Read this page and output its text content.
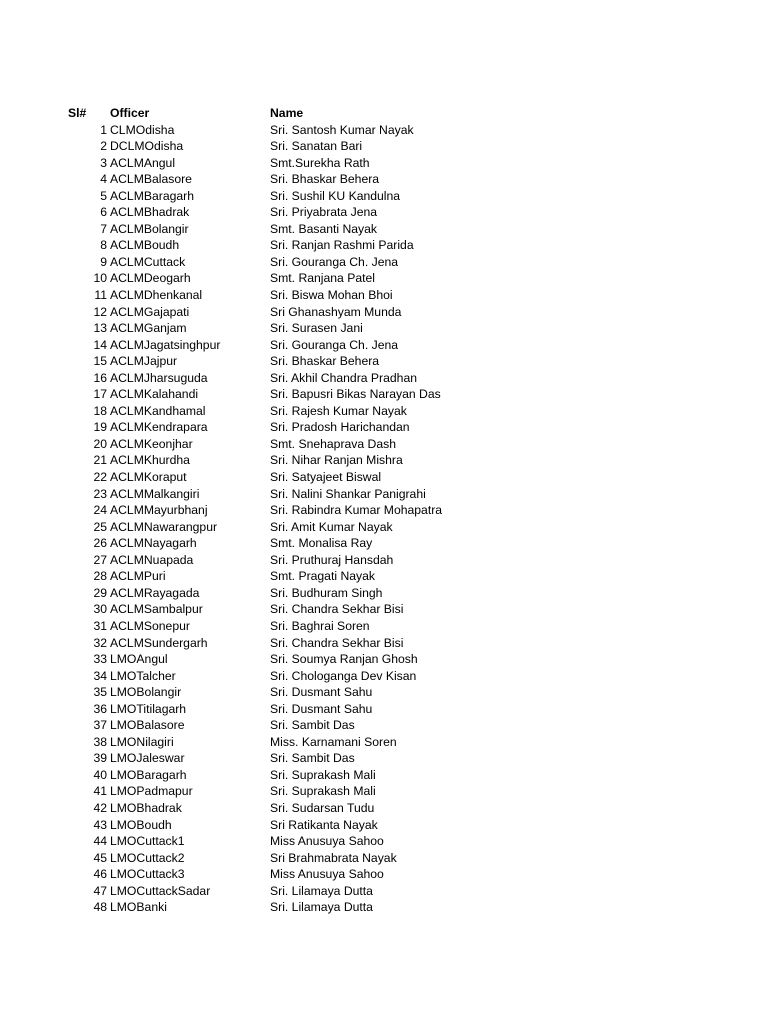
Sl# Officer	Name
1 CLMOdisha	Sri. Santosh Kumar Nayak
2 DCLMOdisha	Sri. Sanatan Bari
3 ACLMAngul	Smt.Surekha Rath
4 ACLMBalasore	Sri. Bhaskar Behera
5 ACLMBaragarh	Sri. Sushil KU Kandulna
6 ACLMBhadrak	Sri. Priyabrata Jena
7 ACLMBolangir	Smt. Basanti Nayak
8 ACLMBoudh	Sri. Ranjan Rashmi Parida
9 ACLMCuttack	Sri. Gouranga Ch. Jena
10 ACLMDeogarh	Smt. Ranjana Patel
11 ACLMDhenkanal	Sri. Biswa Mohan Bhoi
12 ACLMGajapati	Sri Ghanashyam Munda
13 ACLMGanjam	Sri. Surasen Jani
14 ACLMJagatsinghpur	Sri. Gouranga Ch. Jena
15 ACLMJajpur	Sri. Bhaskar Behera
16 ACLMJharsuguda	Sri. Akhil Chandra Pradhan
17 ACLMKalahandi	Sri. Bapusri Bikas Narayan Das
18 ACLMKandhamal	Sri. Rajesh Kumar Nayak
19 ACLMKendrapara	Sri. Pradosh Harichandan
20 ACLMKeonjhar	Smt. Snehaprava Dash
21 ACLMKhurdha	Sri. Nihar Ranjan Mishra
22 ACLMKoraput	Sri. Satyajeet Biswal
23 ACLMMalkangiri	Sri. Nalini Shankar Panigrahi
24 ACLMMayurbhanj	Sri. Rabindra Kumar Mohapatra
25 ACLMNawarangpur	Sri. Amit Kumar Nayak
26 ACLMNayagarh	Smt. Monalisa Ray
27 ACLMNuapada	Sri. Pruthuraj Hansdah
28 ACLMPuri	Smt. Pragati Nayak
29 ACLMRayagada	Sri. Budhuram Singh
30 ACLMSambalpur	Sri. Chandra Sekhar Bisi
31 ACLMSonepur	Sri. Baghrai Soren
32 ACLMSundergarh	Sri. Chandra Sekhar Bisi
33 LMOAngul	Sri. Soumya Ranjan Ghosh
34 LMOTalcher	Sri. Chologanga Dev Kisan
35 LMOBolangir	Sri. Dusmant Sahu
36 LMOTitilagarh	Sri. Dusmant Sahu
37 LMOBalasore	Sri. Sambit Das
38 LMONilagiri	Miss. Karnamani Soren
39 LMOJaleswar	Sri. Sambit Das
40 LMOBaragarh	Sri. Suprakash Mali
41 LMOPadmapur	Sri. Suprakash Mali
42 LMOBhadrak	Sri. Sudarsan Tudu
43 LMOBoudh	Sri Ratikanta Nayak
44 LMOCuttack1	Miss Anusuya Sahoo
45 LMOCuttack2	Sri Brahmabrata Nayak
46 LMOCuttack3	Miss Anusuya Sahoo
47 LMOCuttackSadar	Sri. Lilamaya Dutta
48 LMOBanki	Sri. Lilamaya Dutta
